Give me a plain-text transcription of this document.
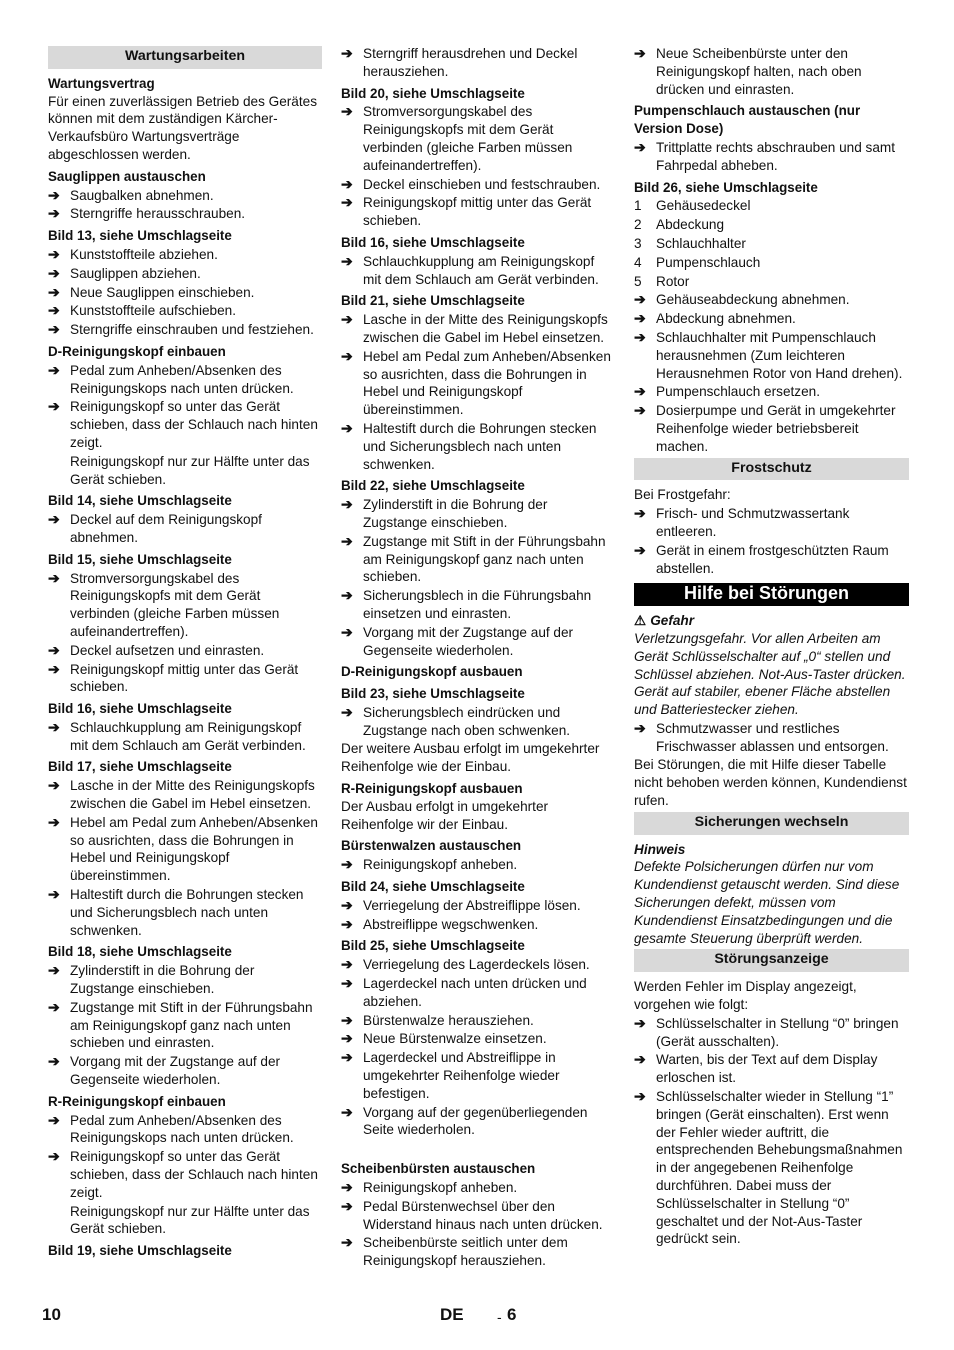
Wartungsarbeiten
Wartungsvertrag
Für einen zuverlässigen Betrieb des Gerätes können mit dem zuständigen Kärcher-Verkaufsbüro Wartungsverträge abgeschlossen werden.
Sauglippen austauschen
➔ Saugbalken abnehmen.
➔ Sterngriffe herausschrauben.
Bild 13, siehe Umschlagseite
➔ Kunststoffteile abziehen.
➔ Sauglippen abziehen.
➔ Neue Sauglippen einschieben.
➔ Kunststoffteile aufschieben.
➔ Sterngriffe einschrauben und festziehen.
D-Reinigungskopf einbauen
➔ Pedal zum Anheben/Absenken des Reinigungskops nach unten drücken.
➔ Reinigungskopf so unter das Gerät schieben, dass der Schlauch nach hinten zeigt.
Reinigungskopf nur zur Hälfte unter das Gerät schieben.
Bild 14, siehe Umschlagseite
➔ Deckel auf dem Reinigungskopf abnehmen.
Bild 15, siehe Umschlagseite
➔ Stromversorgungskabel des Reinigungskopfs mit dem Gerät verbinden (gleiche Farben müssen aufeinandertreffen).
➔ Deckel aufsetzen und einrasten.
➔ Reinigungskopf mittig unter das Gerät schieben.
Bild 16, siehe Umschlagseite
➔ Schlauchkupplung am Reinigungskopf mit dem Schlauch am Gerät verbinden.
Bild 17, siehe Umschlagseite
➔ Lasche in der Mitte des Reinigungskopfs zwischen die Gabel im Hebel einsetzen.
➔ Hebel am Pedal zum Anheben/Absenken so ausrichten, dass die Bohrungen in Hebel und Reinigungskopf übereinstimmen.
➔ Haltestift durch die Bohrungen stecken und Sicherungsblech nach unten schwenken.
Bild 18, siehe Umschlagseite
➔ Zylinderstift in die Bohrung der Zugstange einschieben.
➔ Zugstange mit Stift in der Führungsbahn am Reinigungskopf ganz nach unten schieben und einrasten.
➔ Vorgang mit der Zugstange auf der Gegenseite wiederholen.
R-Reinigungskopf einbauen
➔ Pedal zum Anheben/Absenken des Reinigungskops nach unten drücken.
➔ Reinigungskopf so unter das Gerät schieben, dass der Schlauch nach hinten zeigt.
Reinigungskopf nur zur Hälfte unter das Gerät schieben.
Bild 19, siehe Umschlagseite
➔ Sterngriff herausdrehen und Deckel herausziehen.
Bild 20, siehe Umschlagseite
➔ Stromversorgungskabel des Reinigungskopfs mit dem Gerät verbinden (gleiche Farben müssen aufeinandertreffen).
➔ Deckel einschieben und festschrauben.
➔ Reinigungskopf mittig unter das Gerät schieben.
Bild 16, siehe Umschlagseite
➔ Schlauchkupplung am Reinigungskopf mit dem Schlauch am Gerät verbinden.
Bild 21, siehe Umschlagseite
➔ Lasche in der Mitte des Reinigungskopfs zwischen die Gabel im Hebel einsetzen.
➔ Hebel am Pedal zum Anheben/Absenken so ausrichten, dass die Bohrungen in Hebel und Reinigungskopf übereinstimmen.
➔ Haltestift durch die Bohrungen stecken und Sicherungsblech nach unten schwenken.
Bild 22, siehe Umschlagseite
➔ Zylinderstift in die Bohrung der Zugstange einschieben.
➔ Zugstange mit Stift in der Führungsbahn am Reinigungskopf ganz nach unten schieben.
➔ Sicherungsblech in die Führungsbahn einsetzen und einrasten.
➔ Vorgang mit der Zugstange auf der Gegenseite wiederholen.
D-Reinigungskopf ausbauen
Bild 23, siehe Umschlagseite
➔ Sicherungsblech eindrücken und Zugstange nach oben schwenken.
Der weitere Ausbau erfolgt im umgekehrter Reihenfolge wie der Einbau.
R-Reinigungskopf ausbauen
Der Ausbau erfolgt in umgekehrter Reihenfolge wir der Einbau.
Bürstenwalzen austauschen
➔ Reinigungskopf anheben.
Bild 24, siehe Umschlagseite
➔ Verriegelung der Abstreiflippe lösen.
➔ Abstreiflippe wegschwenken.
Bild 25, siehe Umschlagseite
➔ Verriegelung des Lagerdeckels lösen.
➔ Lagerdeckel nach unten drücken und abziehen.
➔ Bürstenwalze herausziehen.
➔ Neue Bürstenwalze einsetzen.
➔ Lagerdeckel und Abstreiflippe in umgekehrter Reihenfolge wieder befestigen.
➔ Vorgang auf der gegenüberliegenden Seite wiederholen.
Scheibenbürsten austauschen
➔ Reinigungskopf anheben.
➔ Pedal Bürstenwechsel über den Widerstand hinaus nach unten drücken.
➔ Scheibenbürste seitlich unter dem Reinigungskopf herausziehen.
➔ Neue Scheibenbürste unter den Reinigungskopf halten, nach oben drücken und einrasten.
Pumpenschlauch austauschen (nur Version Dose)
➔ Trittplatte rechts abschrauben und samt Fahrpedal abheben.
Bild 26, siehe Umschlagseite
1 Gehäusedeckel
2 Abdeckung
3 Schlauchhalter
4 Pumpenschlauch
5 Rotor
➔ Gehäuseabdeckung abnehmen.
➔ Abdeckung abnehmen.
➔ Schlauchhalter mit Pumpenschlauch herausnehmen (Zum leichteren Herausnehmen Rotor von Hand drehen).
➔ Pumpenschlauch ersetzen.
➔ Dosierpumpe und Gerät in umgekehrter Reihenfolge wieder betriebsbereit machen.
Frostschutz
Bei Frostgefahr:
➔ Frisch- und Schmutzwassertank entleeren.
➔ Gerät in einem frostgeschützten Raum abstellen.
Hilfe bei Störungen
⚠ Gefahr
Verletzungsgefahr. Vor allen Arbeiten am Gerät Schlüsselschalter auf „0“ stellen und Schlüssel abziehen. Not-Aus-Taster drücken.
Gerät auf stabiler, ebener Fläche abstellen und Batteriestecker ziehen.
➔ Schmutzwasser und restliches Frischwasser ablassen und entsorgen.
Bei Störungen, die mit Hilfe dieser Tabelle nicht behoben werden können, Kundendienst rufen.
Sicherungen wechseln
Hinweis
Defekte Polsicherungen dürfen nur vom Kundendienst getauscht werden. Sind diese Sicherungen defekt, müssen vom Kundendienst Einsatzbedingungen und die gesamte Steuerung überprüft werden.
Störungsanzeige
Werden Fehler im Display angezeigt, vorgehen wie folgt:
➔ Schlüsselschalter in Stellung “0” bringen (Gerät ausschalten).
➔ Warten, bis der Text auf dem Display erloschen ist.
➔ Schlüsselschalter wieder in Stellung “1” bringen (Gerät einschalten). Erst wenn der Fehler wieder auftritt, die entsprechenden Behebungsmaßnahmen in der angegebenen Reihenfolge durchführen. Dabei muss der Schlüsselschalter in Stellung “0” geschaltet und der Not-Aus-Taster gedrückt sein.
10	DE - 6
